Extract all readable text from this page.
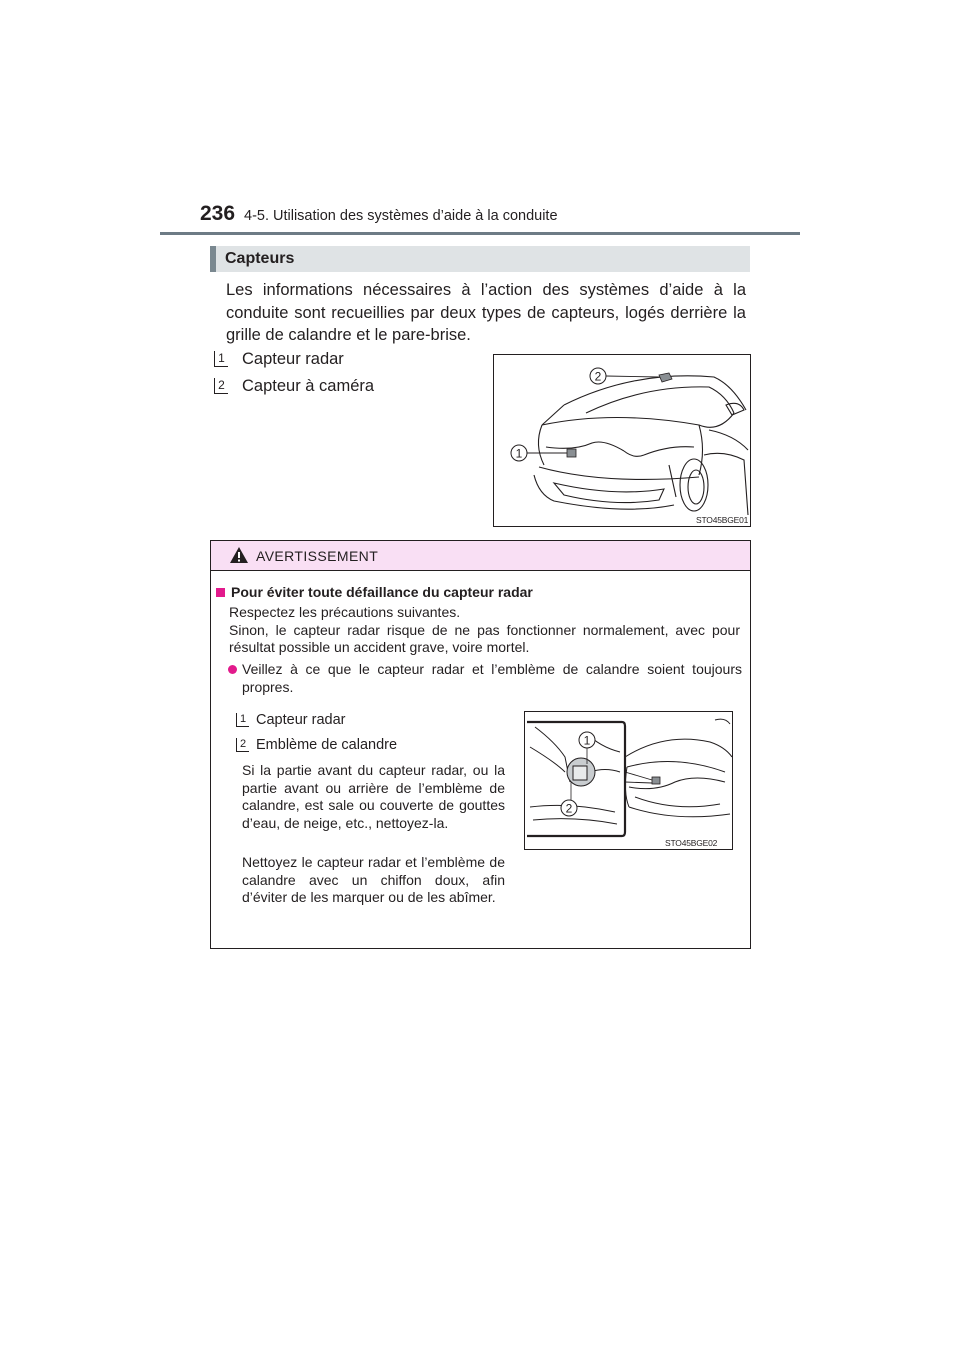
236 4-5. Utilisation des systèmes d’aide à la conduite
Capteurs
Les informations nécessaires à l’action des systèmes d’aide à la conduite sont recueillies par deux types de capteurs, logés derrière la grille de calandre et le pare-brise.
1 Capteur radar
2 Capteur à caméra
2
1
STO45BGE01
AVERTISSEMENT
Pour éviter toute défaillance du capteur radar
Respectez les précautions suivantes.
Sinon, le capteur radar risque de ne pas fonctionner normalement, avec pour résultat possible un accident grave, voire mortel.
Veillez à ce que le capteur radar et l’emblème de calandre soient toujours propres.
1 Capteur radar
2 Emblème de calandre
Si la partie avant du capteur radar, ou la partie avant ou arrière de l’emblème de calandre, est sale ou couverte de gouttes d’eau, de neige, etc., nettoyez-la.
Nettoyez le capteur radar et l’emblème de calandre avec un chiffon doux, afin d’éviter de les marquer ou de les abîmer.
1
2
STO45BGE02
